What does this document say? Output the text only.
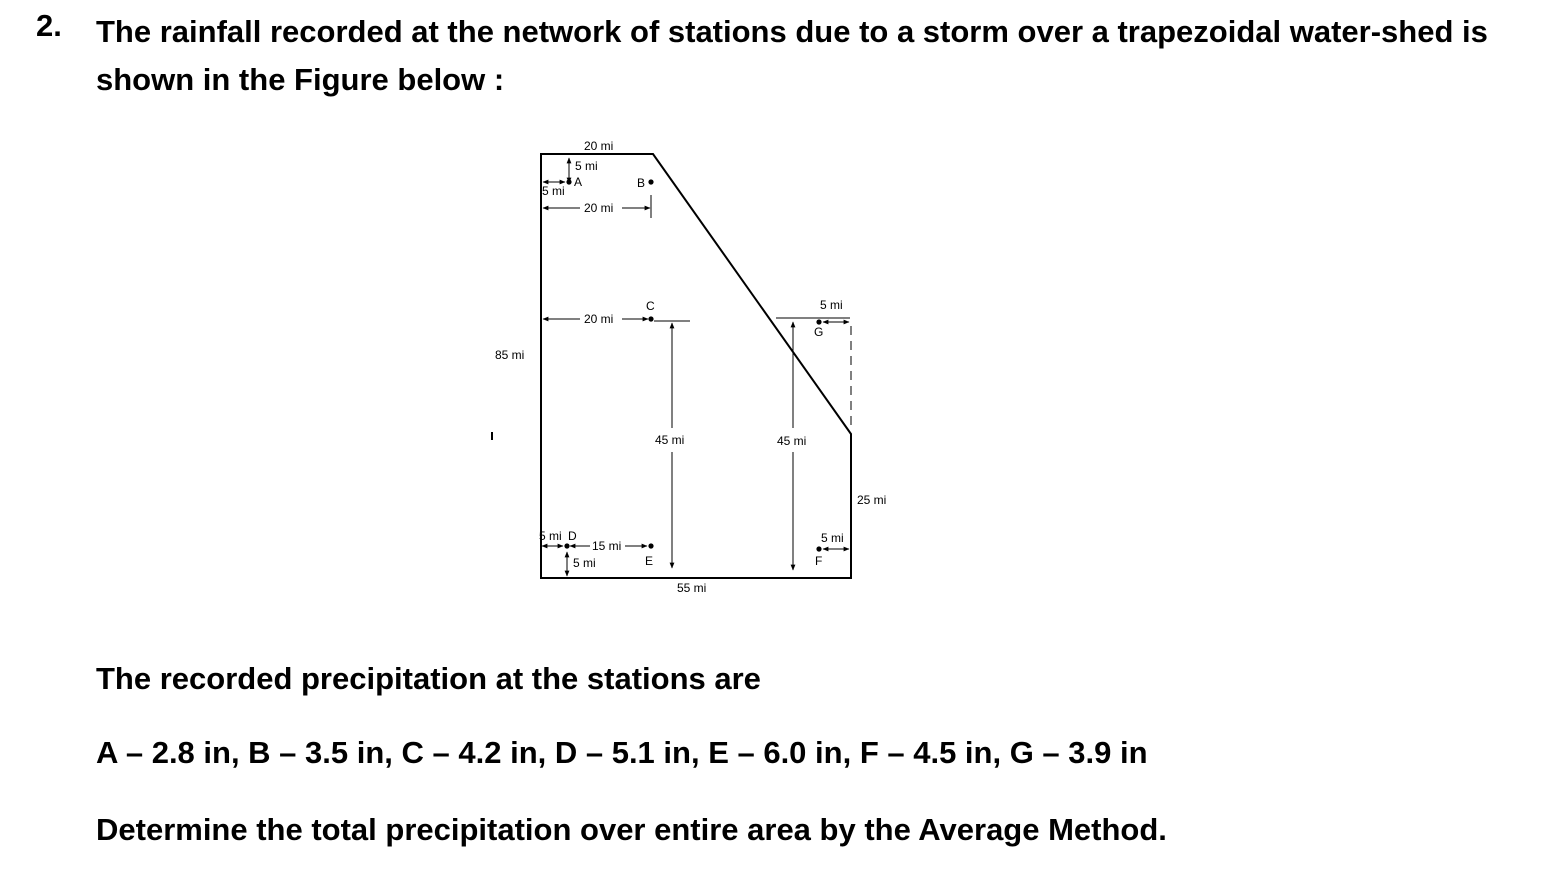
2. The rainfall recorded at the network of stations due to a storm over a trapezoidal water-shed is shown in the Figure below :
20 mi
5 mi
5 mi
A	B
20 mi
C
20 mi
45 mi
5 mi
G
45 mi
85 mi
25 mi
5 mi D
15 mi
E
5 mi
5 mi
F
55 mi
The recorded precipitation at the stations are
A – 2.8 in, B – 3.5 in, C – 4.2 in, D – 5.1 in, E – 6.0 in, F – 4.5 in, G – 3.9 in
Determine the total precipitation over entire area by the Average Method.
